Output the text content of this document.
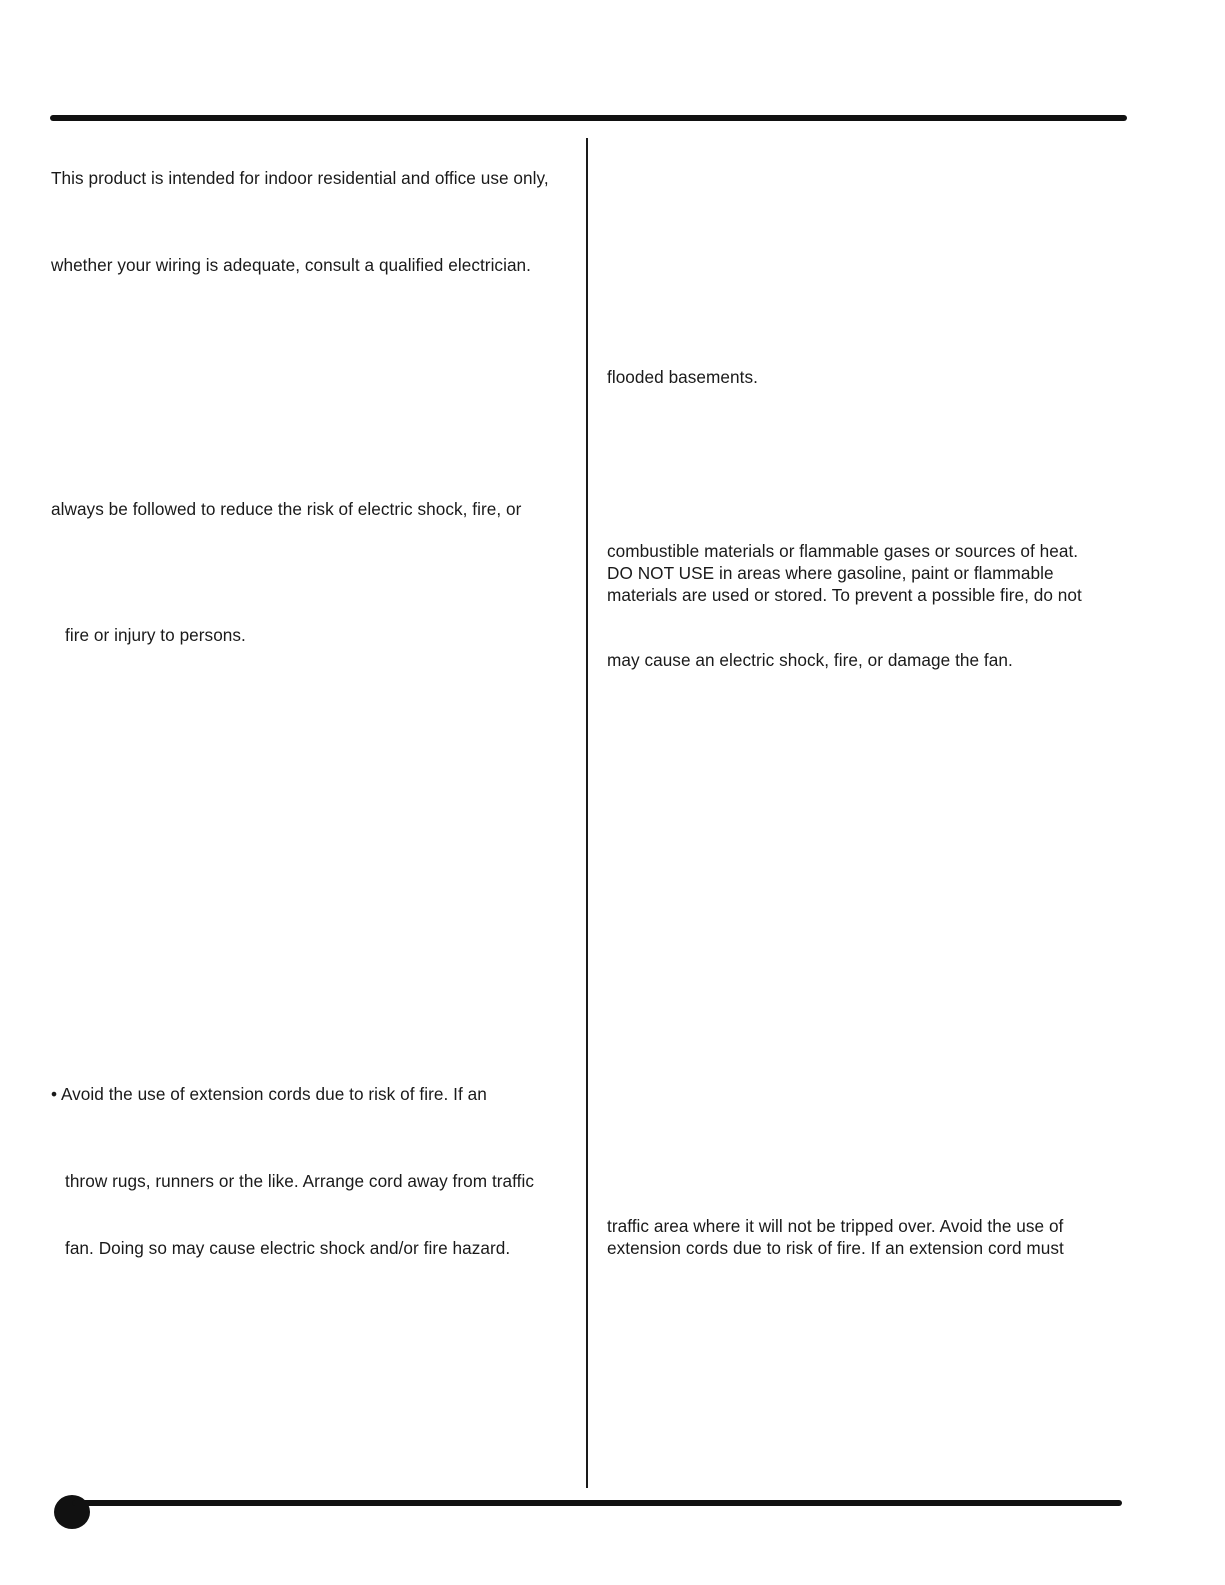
This product is intended for indoor residential and office use only,
whether your wiring is adequate, consult a qualified electrician.
always be followed to reduce the risk of electric shock, fire, or
fire or injury to persons.
• Avoid the use of extension cords due to risk of fire. If an
throw rugs, runners or the like. Arrange cord away from traffic
fan. Doing so may cause electric shock and/or fire hazard.
flooded basements.
combustible materials or flammable gases or sources of heat.
DO NOT USE in areas where gasoline, paint or flammable
materials are used or stored. To prevent a possible fire, do not
may cause an electric shock, fire, or damage the fan.
traffic area where it will not be tripped over. Avoid the use of
extension cords due to risk of fire. If an extension cord must
